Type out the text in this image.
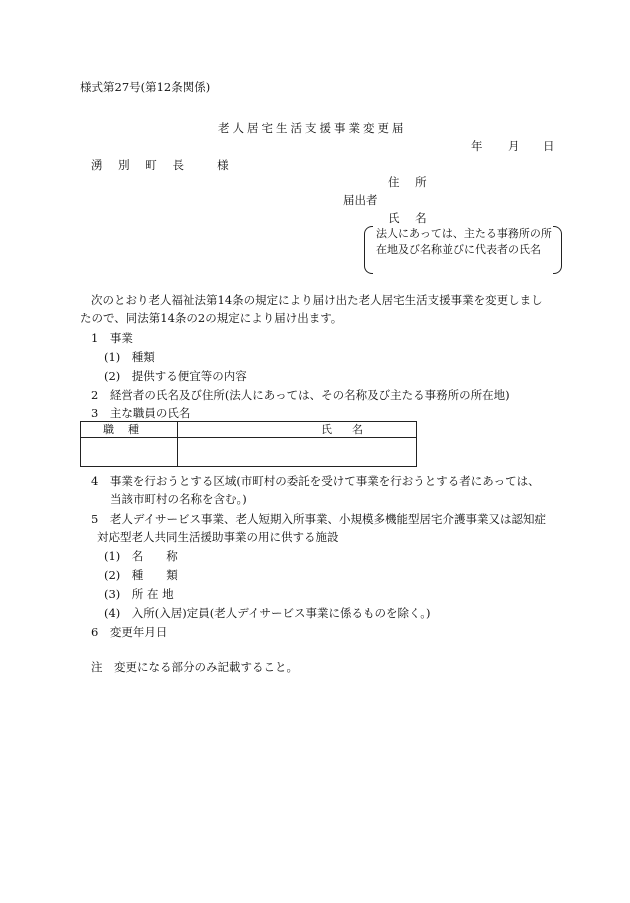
様式第27号(第12条関係)
老人居宅生活支援事業変更届
年 月 日
湧 別 町 長　 様
住 所
届出者
氏 名
法人にあっては、主たる事務所の所在地及び名称並びに代表者の氏名
次のとおり老人福祉法第14条の規定により届け出た老人居宅生活支援事業を変更しまし
たので、同法第14条の2の規定により届け出ます。
1　事業
(1)　種類
(2)　提供する便宜等の内容
2　経営者の氏名及び住所(法人にあっては、その名称及び主たる事務所の所在地)
3　主な職員の氏名
職種	氏名
4　事業を行おうとする区域(市町村の委託を受けて事業を行おうとする者にあっては、
当該市町村の名称を含む。)
5　老人デイサービス事業、老人短期入所事業、小規模多機能型居宅介護事業又は認知症
対応型老人共同生活援助事業の用に供する施設
(1)　名　　称
(2)　種　　類
(3)　所 在 地
(4)　入所(入居)定員(老人デイサービス事業に係るものを除く。)
6　変更年月日
注　変更になる部分のみ記載すること。
